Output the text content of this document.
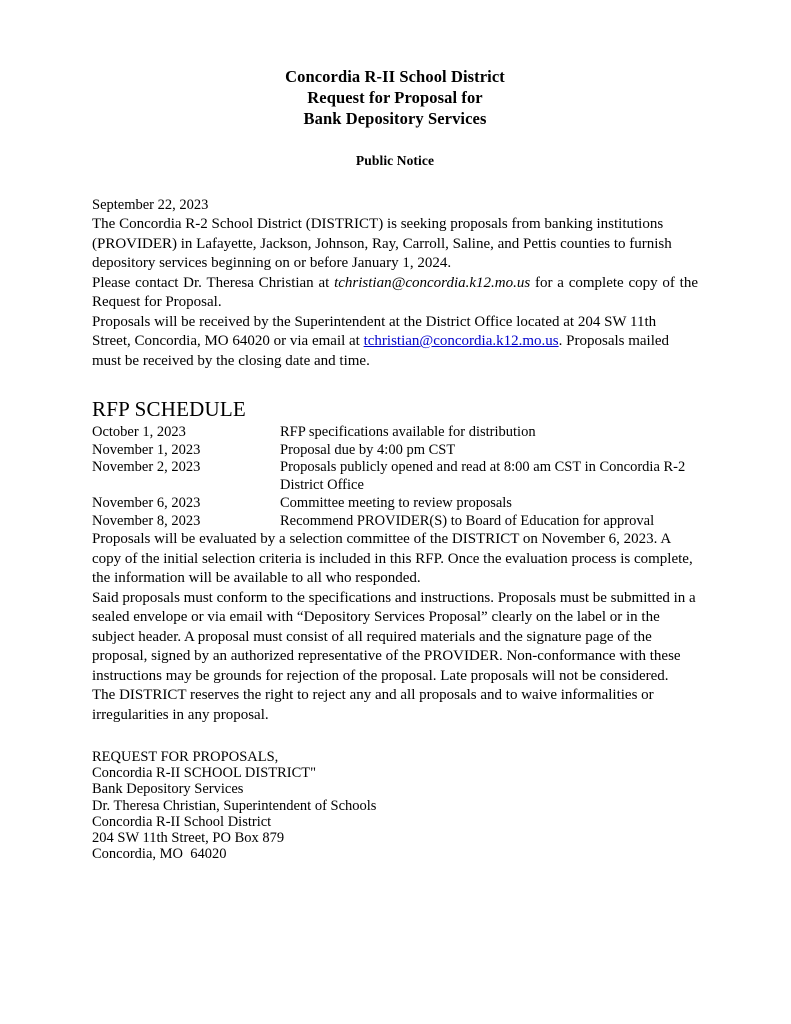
Concordia R-II School District
Request for Proposal for
Bank Depository Services
Public Notice
September 22, 2023

The Concordia R-2 School District (DISTRICT) is seeking proposals from banking institutions (PROVIDER) in Lafayette, Jackson, Johnson, Ray, Carroll, Saline, and Pettis counties to furnish depository services beginning on or before January 1, 2024.

Please contact Dr. Theresa Christian at tchristian@concordia.k12.mo.us for a complete copy of the Request for Proposal.

Proposals will be received by the Superintendent at the District Office located at 204 SW 11th Street, Concordia, MO 64020 or via email at tchristian@concordia.k12.mo.us. Proposals mailed must be received by the closing date and time.

RFP SCHEDULE
October 1, 2023	RFP specifications available for distribution
November 1, 2023	Proposal due by 4:00 pm CST
November 2, 2023	Proposals publicly opened and read at 8:00 am CST in Concordia R-2 District Office
November 6, 2023	Committee meeting to review proposals
November 8, 2023	Recommend PROVIDER(S) to Board of Education for approval

Proposals will be evaluated by a selection committee of the DISTRICT on November 6, 2023. A copy of the initial selection criteria is included in this RFP. Once the evaluation process is complete, the information will be available to all who responded.

Said proposals must conform to the specifications and instructions. Proposals must be submitted in a sealed envelope or via email with “Depository Services Proposal” clearly on the label or in the subject header. A proposal must consist of all required materials and the signature page of the proposal, signed by an authorized representative of the PROVIDER. Non‑conformance with these instructions may be grounds for rejection of the proposal. Late proposals will not be considered.

The DISTRICT reserves the right to reject any and all proposals and to waive informalities or irregularities in any proposal.

REQUEST FOR PROPOSALS,
Concordia R-II SCHOOL DISTRICT"
Bank Depository Services
Dr. Theresa Christian, Superintendent of Schools
Concordia R-II School District
204 SW 11th Street, PO Box 879
Concordia, MO  64020
